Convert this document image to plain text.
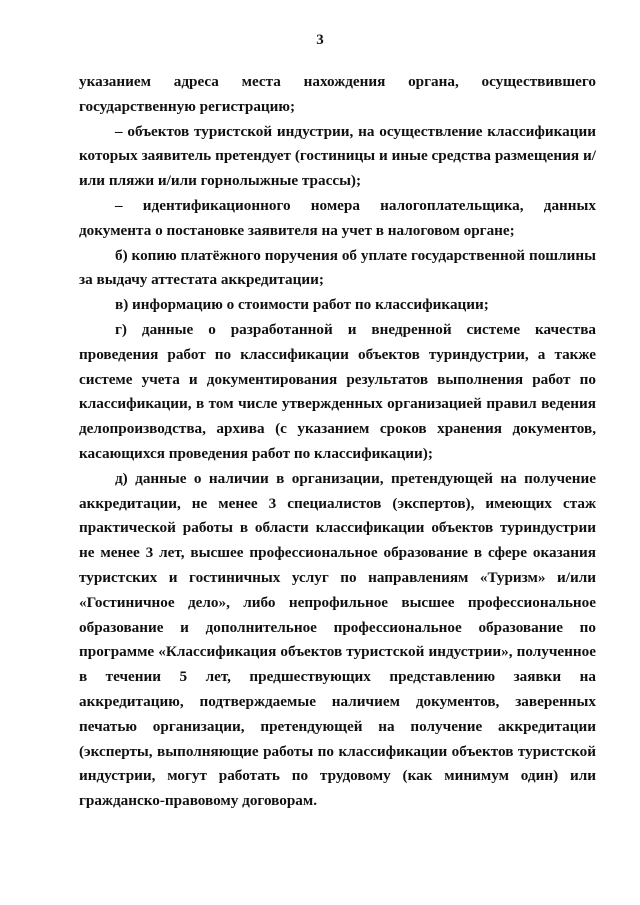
3

указанием адреса места нахождения органа, осуществившего государственную регистрацию;

– объектов туристской индустрии, на осуществление классификации которых заявитель претендует (гостиницы и иные средства размещения и/или пляжи и/или горнолыжные трассы);

– идентификационного номера налогоплательщика, данных документа о постановке заявителя на учет в налоговом органе;

б) копию платёжного поручения об уплате государственной пошлины за выдачу аттестата аккредитации;

в) информацию о стоимости работ по классификации;

г) данные о разработанной и внедренной системе качества проведения работ по классификации объектов туриндустрии, а также системе учета и документирования результатов выполнения работ по классификации, в том числе утвержденных организацией правил ведения делопроизводства, архива (с указанием сроков хранения документов, касающихся проведения работ по классификации);

д) данные о наличии в организации, претендующей на получение аккредитации, не менее 3 специалистов (экспертов), имеющих стаж практической работы в области классификации объектов туриндустрии не менее 3 лет, высшее профессиональное образование в сфере оказания туристских и гостиничных услуг по направлениям «Туризм» и/или «Гостиничное дело», либо непрофильное высшее профессиональное образование и дополнительное профессиональное образование по программе «Классификация объектов туристской индустрии», полученное в течении 5 лет, предшествующих представлению заявки на аккредитацию, подтверждаемые наличием документов, заверенных печатью организации, претендующей на получение аккредитации (эксперты, выполняющие работы по классификации объектов туристской индустрии, могут работать по трудовому (как минимум один) или гражданско-правовому договорам.
